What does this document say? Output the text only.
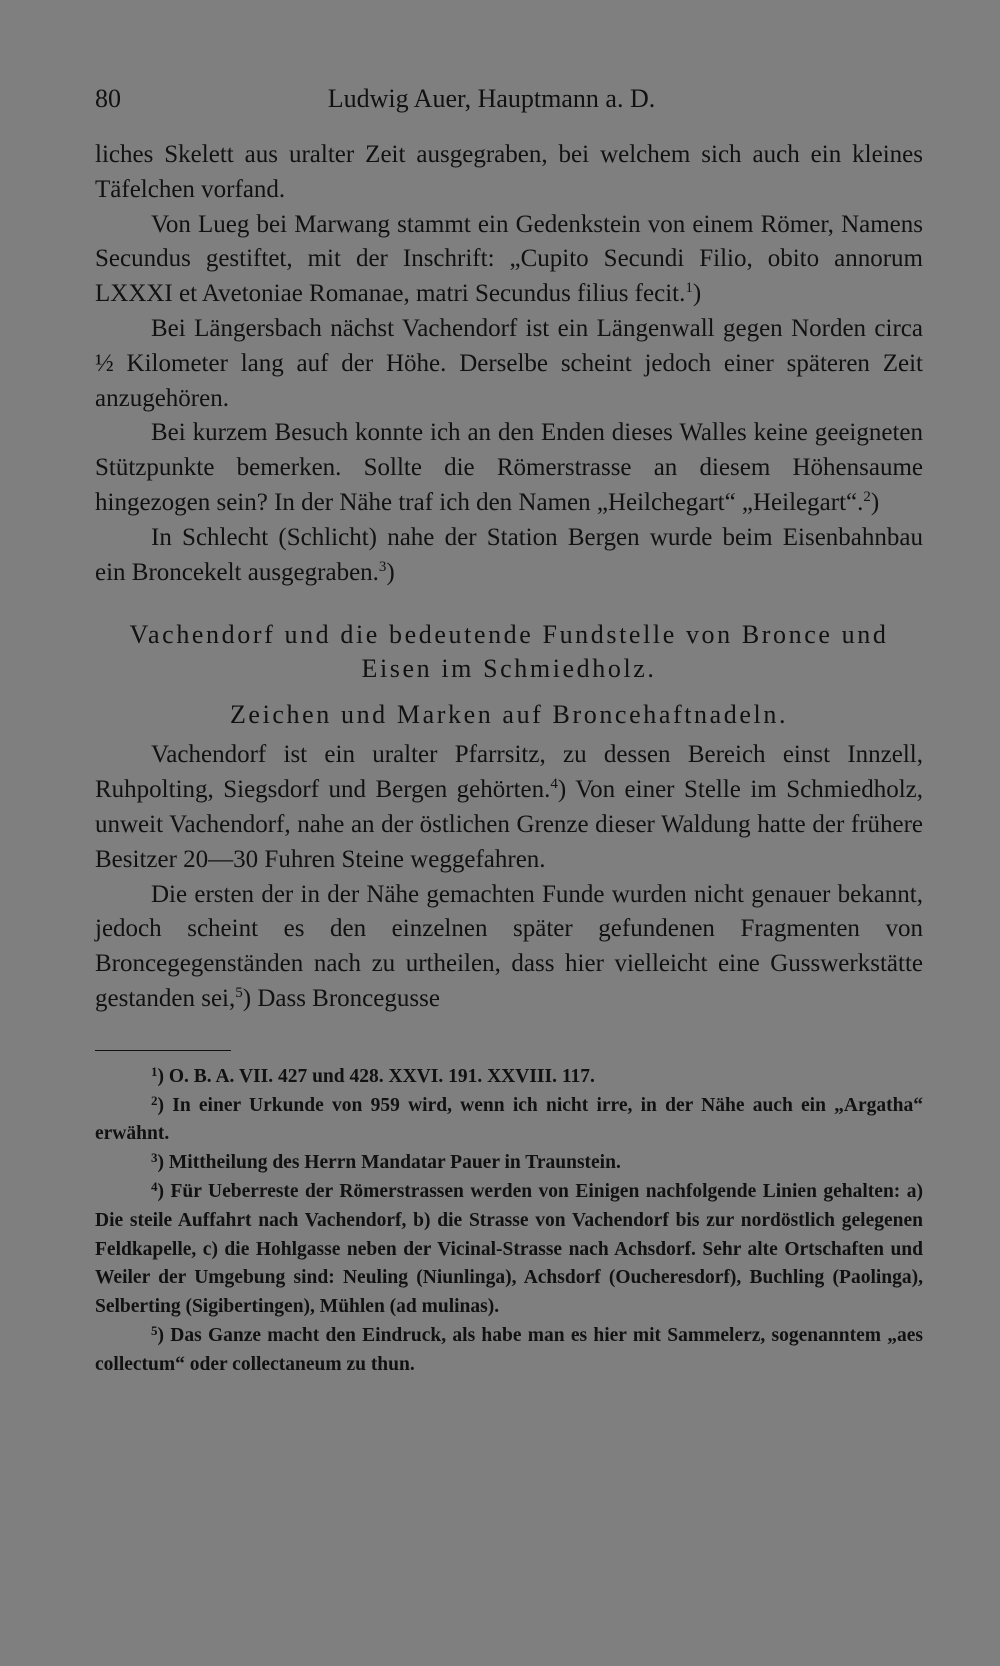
80	Ludwig Auer, Hauptmann a. D.

liches Skelett aus uralter Zeit ausgegraben, bei welchem sich auch ein kleines Täfelchen vorfand.

Von Lueg bei Marwang stammt ein Gedenkstein von einem Römer, Namens Secundus gestiftet, mit der Inschrift: „Cupito Secundi Filio, obito annorum LXXXI et Avetoniae Romanae, matri Secundus filius fecit.$^1$)

Bei Längersbach nächst Vachendorf ist ein Längenwall gegen Norden circa ½ Kilometer lang auf der Höhe. Derselbe scheint jedoch einer späteren Zeit anzugehören.

Bei kurzem Besuch konnte ich an den Enden dieses Walles keine geeigneten Stützpunkte bemerken. Sollte die Römerstrasse an diesem Höhensaume hingezogen sein? In der Nähe traf ich den Namen „Heilchegart“ „Heilegart“.$^2$)

In Schlecht (Schlicht) nahe der Station Bergen wurde beim Eisenbahnbau ein Broncekelt ausgegraben.$^3$)

Vachendorf und die bedeutende Fundstelle von Bronce und Eisen im Schmiedholz.

Zeichen und Marken auf Broncehaftnadeln.

Vachendorf ist ein uralter Pfarrsitz, zu dessen Bereich einst Innzell, Ruhpolting, Siegsdorf und Bergen gehörten.$^4$) Von einer Stelle im Schmiedholz, unweit Vachendorf, nahe an der östlichen Grenze dieser Waldung hatte der frühere Besitzer 20—30 Fuhren Steine weggefahren.

Die ersten der in der Nähe gemachten Funde wurden nicht genauer bekannt, jedoch scheint es den einzelnen später gefundenen Fragmenten von Broncegegenständen nach zu urtheilen, dass hier vielleicht eine Gusswerkstätte gestanden sei,$^5$) Dass Broncegusse

$^1$) O. B. A. VII. 427 und 428. XXVI. 191. XXVIII. 117.

$^2$) In einer Urkunde von 959 wird, wenn ich nicht irre, in der Nähe auch ein „Argatha“ erwähnt.

$^3$) Mittheilung des Herrn Mandatar Pauer in Traunstein.

$^4$) Für Ueberreste der Römerstrassen werden von Einigen nachfolgende Linien gehalten: a) Die steile Auffahrt nach Vachendorf, b) die Strasse von Vachendorf bis zur nordöstlich gelegenen Feldkapelle, c) die Hohlgasse neben der Vicinal-Strasse nach Achsdorf. Sehr alte Ortschaften und Weiler der Umgebung sind: Neuling (Niunlinga), Achsdorf (Oucheresdorf), Buchling (Paolinga), Selberting (Sigibertingen), Mühlen (ad mulinas).

$^5$) Das Ganze macht den Eindruck, als habe man es hier mit Sammelerz, sogenanntem „aes collectum“ oder collectaneum zu thun.
